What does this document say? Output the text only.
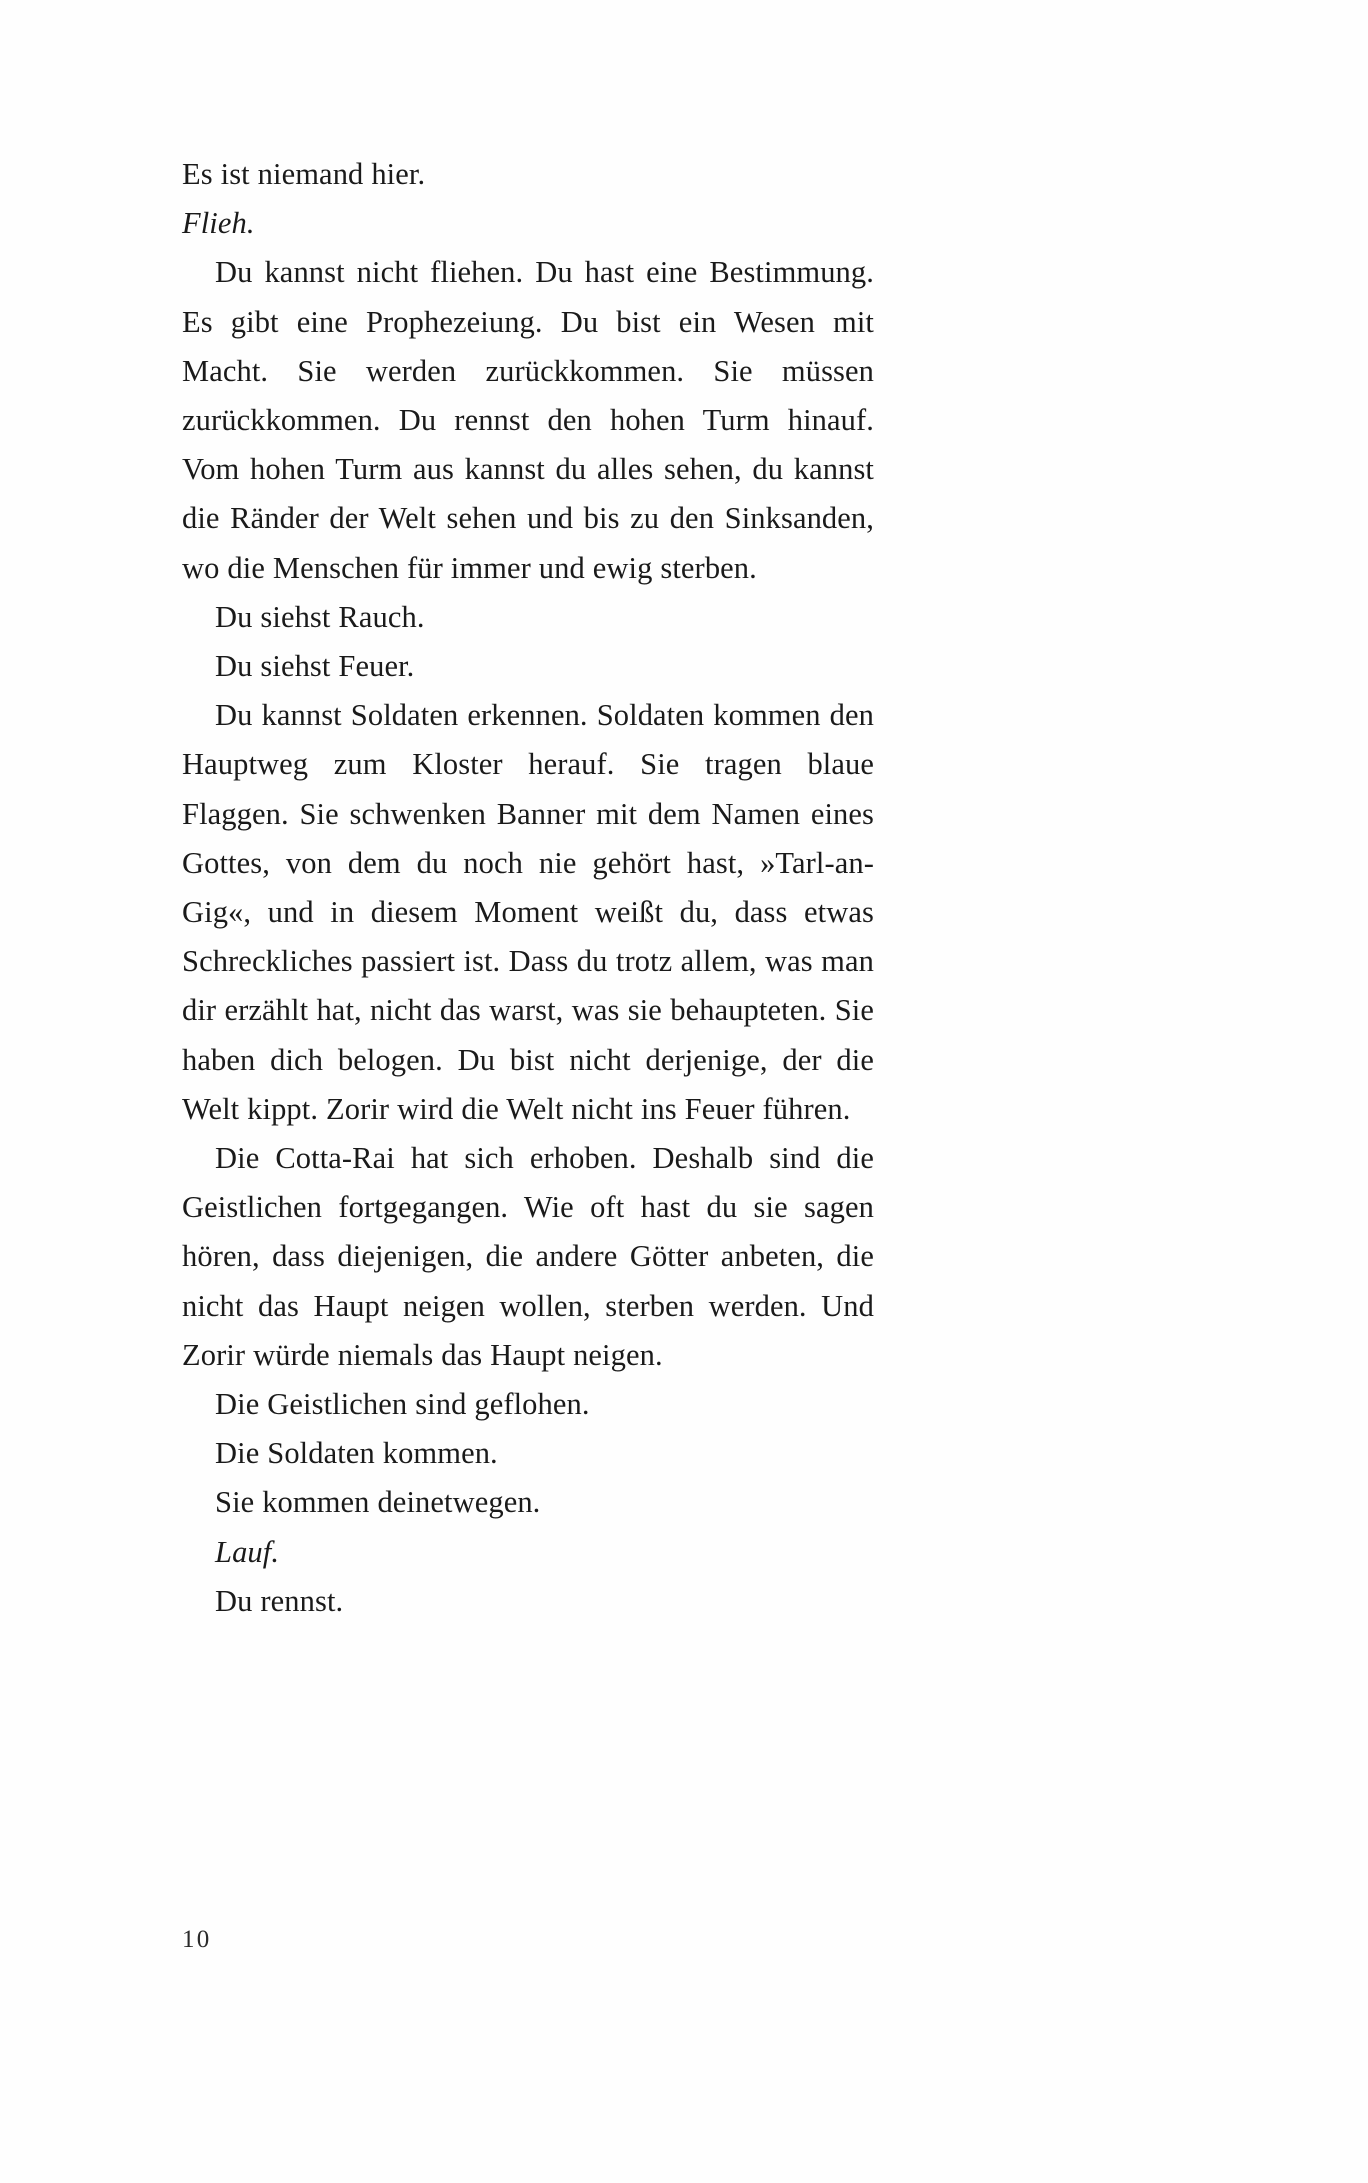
Es ist niemand hier.

Flieh.

Du kannst nicht fliehen. Du hast eine Bestimmung. Es gibt eine Prophezeiung. Du bist ein Wesen mit Macht. Sie werden zurückkommen. Sie müssen zurückkommen. Du rennst den hohen Turm hinauf. Vom hohen Turm aus kannst du alles sehen, du kannst die Ränder der Welt sehen und bis zu den Sinksanden, wo die Menschen für immer und ewig sterben.

Du siehst Rauch.

Du siehst Feuer.

Du kannst Soldaten erkennen. Soldaten kommen den Hauptweg zum Kloster herauf. Sie tragen blaue Flaggen. Sie schwenken Banner mit dem Namen eines Gottes, von dem du noch nie gehört hast, »Tarl-an-Gig«, und in diesem Moment weißt du, dass etwas Schreckliches passiert ist. Dass du trotz allem, was man dir erzählt hat, nicht das warst, was sie behaupteten. Sie haben dich belogen. Du bist nicht derjenige, der die Welt kippt. Zorir wird die Welt nicht ins Feuer führen.

Die Cotta-Rai hat sich erhoben. Deshalb sind die Geistlichen fortgegangen. Wie oft hast du sie sagen hören, dass diejenigen, die andere Götter anbeten, die nicht das Haupt neigen wollen, sterben werden. Und Zorir würde niemals das Haupt neigen.

Die Geistlichen sind geflohen.

Die Soldaten kommen.

Sie kommen deinetwegen.

Lauf.

Du rennst.

10
